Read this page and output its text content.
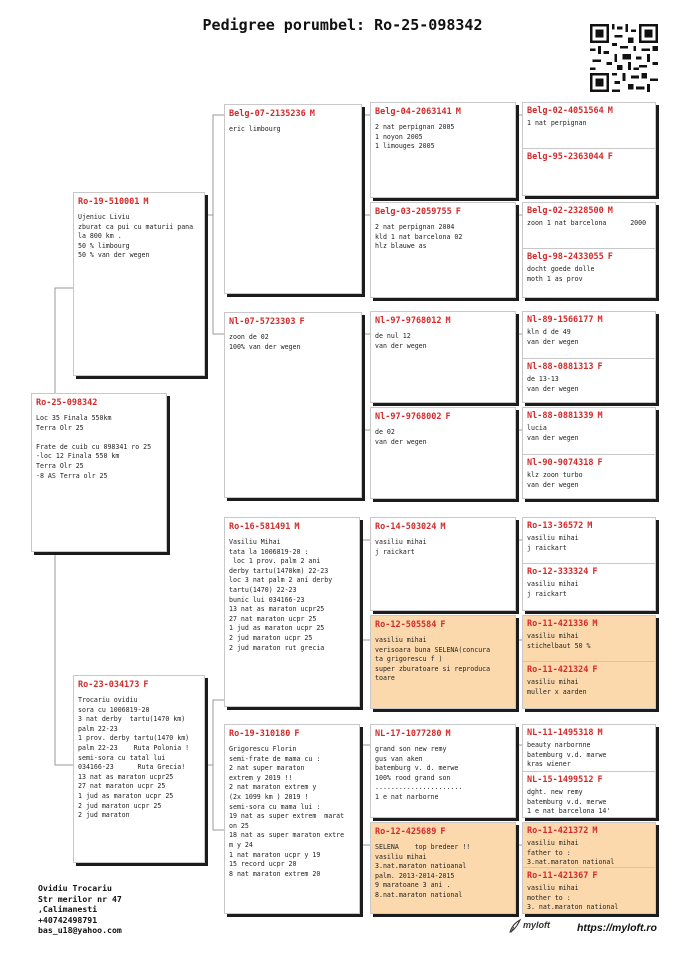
Pedigree porumbel: Ro-25-098342
Ro-25-098342
Loc 35 Finala 550km
Terra Olr 25

Frate de cuib cu 098341 ro 25
-loc 12 Finala 550 km
Terra Olr 25
-8 AS Terra olr 25
Ro-19-510001 M
Ujeniuc Liviu
zburat ca pui cu maturii pana
la 800 km .
50 % limbourg
50 % van der wegen
Ro-23-034173 F
Trocariu ovidiu
sora cu 1006819-20
3 nat derby  tartu(1470 km)
palm 22-23
1 prov. derby tartu(1470 km)
palm 22-23    Ruta Polonia !
semi-sora cu tatal lui
034166-23      Ruta Grecia!
13 nat as maraton ucpr25
27 nat maraton ucpr 25
1 jud as maraton ucpr 25
2 jud maraton ucpr 25
2 jud maraton
Belg-07-2135236 M
eric limbourg
Nl-07-5723303 F
zoon de 02
100% van der wegen
Ro-16-581491 M
Vasiliu Mihai
tata la 1006819-20 :
loc 1 prov. palm 2 ani
derby tartu(1470km) 22-23
loc 3 nat palm 2 ani derby
tartu(1470) 22-23
bunic lui 034166-23
13 nat as maraton ucpr25
27 nat maraton ucpr 25
1 jud as maraton ucpr 25
2 jud maraton ucpr 25
2 jud maraton rut grecia
Ro-19-310180 F
Grigorescu Florin
semi-frate de mama cu :
2 nat super maraton
extrem y 2019 !!
2 nat maraton extrem y
(2x 1099 km ) 2019 !
semi-sora cu mama lui :
19 nat as super extrem  marat
on 25
18 nat as super maraton extre
m y 24
1 nat maraton ucpr y 19
15 record ucpr 20
8 nat maraton extrem 20
Belg-04-2063141 M
2 nat perpignan 2005
1 noyon 2005
1 limouges 2005
Belg-03-2059755 F
2 nat perpignan 2004
kld 1 nat barcelona 02
hlz blauwe as
Nl-97-9768012 M
de nul 12
van der wegen
Nl-97-9768002 F
de 02
van der wegen
Ro-14-503024 M
vasiliu mihai
j raickart
Ro-12-505584 F
vasiliu mihai
verisoara buna SELENA(concura
ta grigorescu f )
super zburatoare si reproduca
toare
NL-17-1077280 M
grand son new remy
gus van aken
batemburg v. d. merwe
100% rood grand son
......................
1 e nat narborne
Ro-12-425689 F
SELENA    top bredeer !!
vasiliu mihai
3.nat.maraton natioanal
palm. 2013-2014-2015
9 maratoane 3 ani .
8.nat.maraton national
Belg-02-4051564 M
1 nat perpignan
Belg-95-2363044 F
Belg-02-2328500 M
zoon 1 nat barcelona      2000
Belg-98-2433055 F
docht goede dolle
moth 1 as prov
Nl-89-1566177 M
kln d de 49
van der wegen
Nl-88-0881313 F
de 13-13
van der wegen
Nl-88-0881339 M
lucia
van der wegen
Nl-90-9074318 F
klz zoon turbo
van der wegen
Ro-13-36572 M
vasiliu mihai
j raickart
Ro-12-333324 F
vasiliu mihai
j raickart
Ro-11-421336 M
vasiliu mihai
stichelbaut 50 %
Ro-11-421324 F
vasiliu mihai
muller x aarden
NL-11-1495318 M
beauty narbornne
batemburg v.d. marwe
kras wiener
NL-15-1499512 F
dght. new remy
batemburg v.d. merwe
1 e nat barcelona 14'
Ro-11-421372 M
vasiliu mihai
father to :
3.nat.maraton national
Ro-11-421367 F
vasiliu mihai
mother to :
3. nat.maraton national
Ovidiu Trocariu
Str merilor nr 47
,Calimanesti
+40742498791
bas_u18@yahoo.com
myloft	https://myloft.ro
